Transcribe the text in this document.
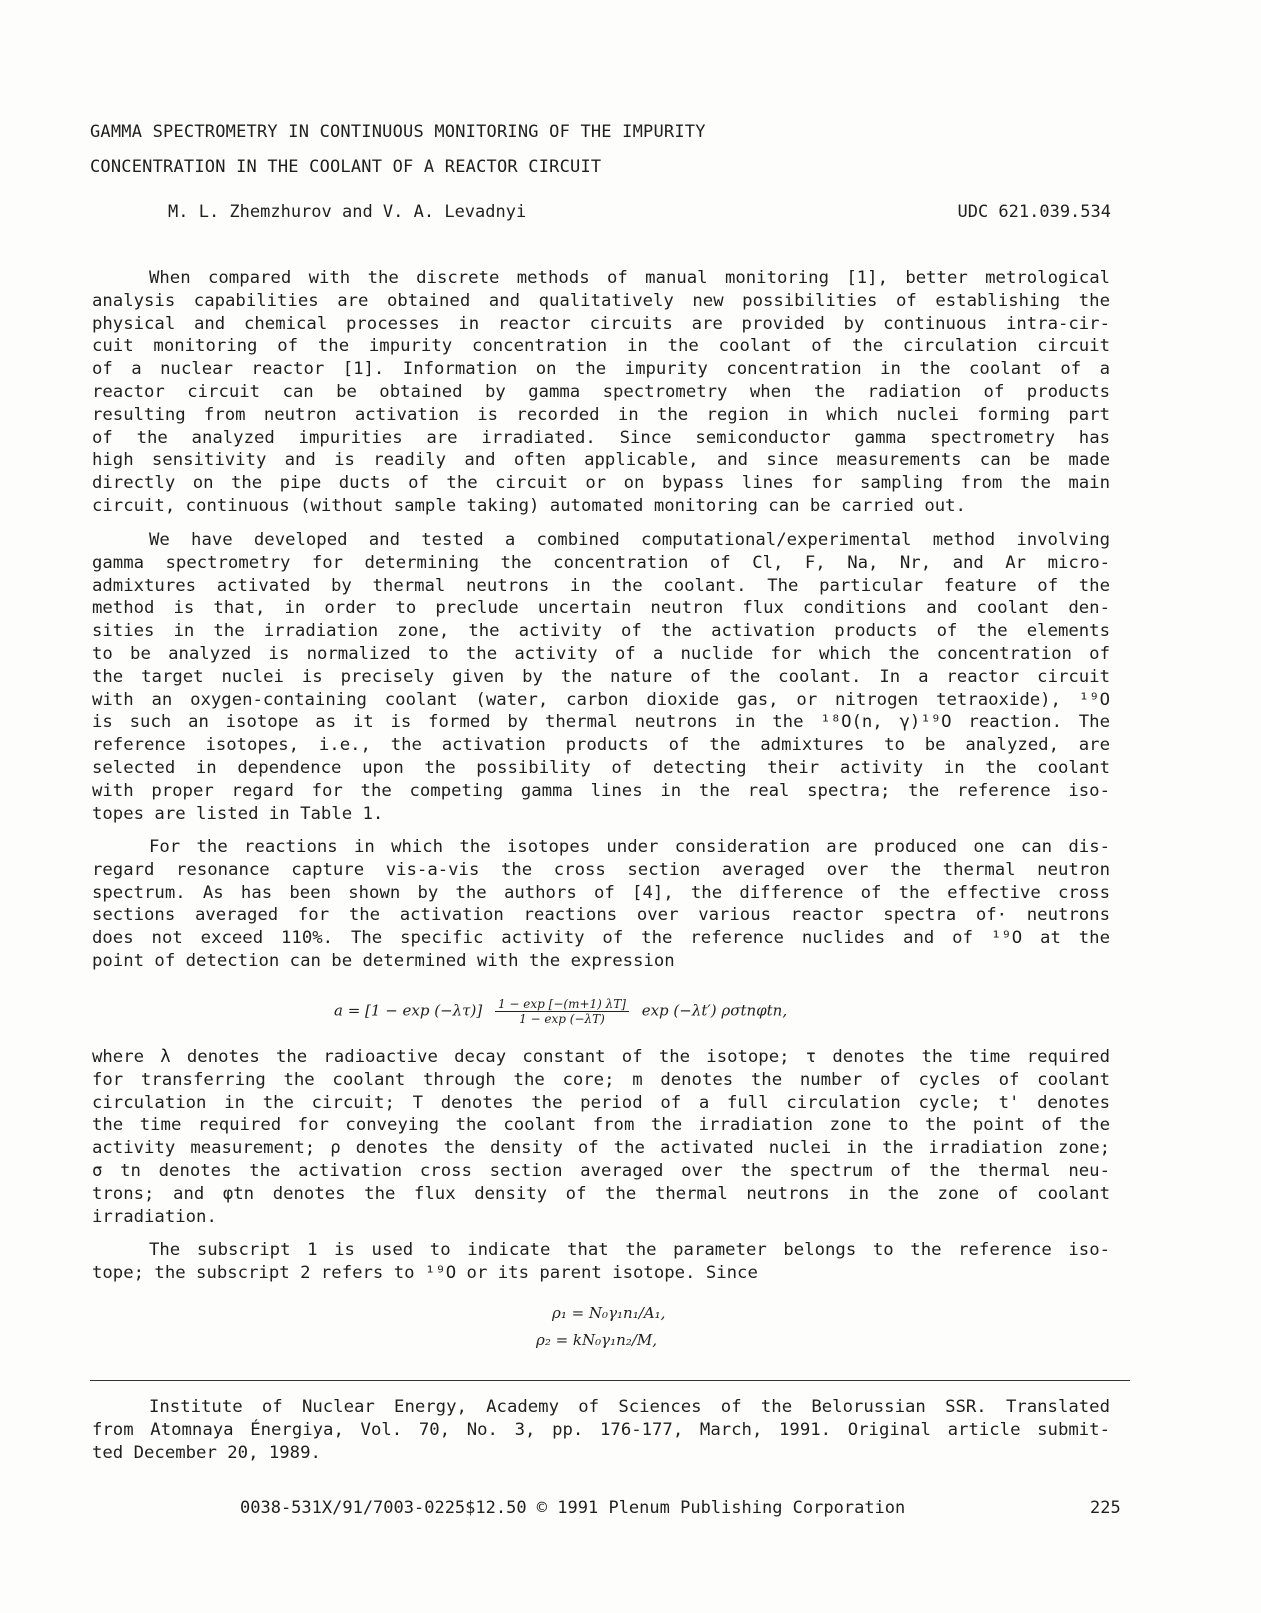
GAMMA SPECTROMETRY IN CONTINUOUS MONITORING OF THE IMPURITY
CONCENTRATION IN THE COOLANT OF A REACTOR CIRCUIT
M. L. Zhemzhurov and V. A. Levadnyi	UDC 621.039.534

When compared with the discrete methods of manual monitoring [1], better metrological

analysis capabilities are obtained and qualitatively new possibilities of establishing the

physical and chemical processes in reactor circuits are provided by continuous intra-cir-

cuit monitoring of the impurity concentration in the coolant of the circulation circuit

of a nuclear reactor [1]. Information on the impurity concentration in the coolant of a

reactor circuit can be obtained by gamma spectrometry when the radiation of products

resulting from neutron activation is recorded in the region in which nuclei forming part

of the analyzed impurities are irradiated. Since semiconductor gamma spectrometry has

high sensitivity and is readily and often applicable, and since measurements can be made

directly on the pipe ducts of the circuit or on bypass lines for sampling from the main

circuit, continuous (without sample taking) automated monitoring can be carried out.

We have developed and tested a combined computational/experimental method involving

gamma spectrometry for determining the concentration of Cl, F, Na, Nr, and Ar micro-

admixtures activated by thermal neutrons in the coolant. The particular feature of the

method is that, in order to preclude uncertain neutron flux conditions and coolant den-

sities in the irradiation zone, the activity of the activation products of the elements

to be analyzed is normalized to the activity of a nuclide for which the concentration of

the target nuclei is precisely given by the nature of the coolant. In a reactor circuit

with an oxygen-containing coolant (water, carbon dioxide gas, or nitrogen tetraoxide), ¹⁹O

is such an isotope as it is formed by thermal neutrons in the ¹⁸O(n, γ)¹⁹O reaction. The

reference isotopes, i.e., the activation products of the admixtures to be analyzed, are

selected in dependence upon the possibility of detecting their activity in the coolant

with proper regard for the competing gamma lines in the real spectra; the reference iso-

topes are listed in Table 1.

For the reactions in which the isotopes under consideration are produced one can dis-

regard resonance capture vis-a-vis the cross section averaged over the thermal neutron

spectrum. As has been shown by the authors of [4], the difference of the effective cross

sections averaged for the activation reactions over various reactor spectra of· neutrons

does not exceed 110%. The specific activity of the reference nuclides and of ¹⁹O at the

point of detection can be determined with the expression

$a = [1 - \exp (-\lambda\tau)] \frac{1 - \exp [-(m+1) \lambda T]}{1 - \exp (-\lambda T)}$ exp (−λt′) ρσtnφtn,

where λ denotes the radioactive decay constant of the isotope; τ denotes the time required

for transferring the coolant through the core; m denotes the number of cycles of coolant

circulation in the circuit; T denotes the period of a full circulation cycle; t' denotes

the time required for conveying the coolant from the irradiation zone to the point of the

activity measurement; ρ denotes the density of the activated nuclei in the irradiation zone;

σ tn denotes the activation cross section averaged over the spectrum of the thermal neu-

trons; and φtn denotes the flux density of the thermal neutrons in the zone of coolant

irradiation.

The subscript 1 is used to indicate that the parameter belongs to the reference iso-

tope; the subscript 2 refers to ¹⁹O or its parent isotope. Since

ρ₁ = N₀γ₁n₁/A₁,
ρ₂ = kN₀γ₁n₂/M,

Institute of Nuclear Energy, Academy of Sciences of the Belorussian SSR. Translated

from Atomnaya Énergiya, Vol. 70, No. 3, pp. 176-177, March, 1991. Original article submit-

ted December 20, 1989.

0038-531X/91/7003-0225$12.50 © 1991 Plenum Publishing Corporation	225
